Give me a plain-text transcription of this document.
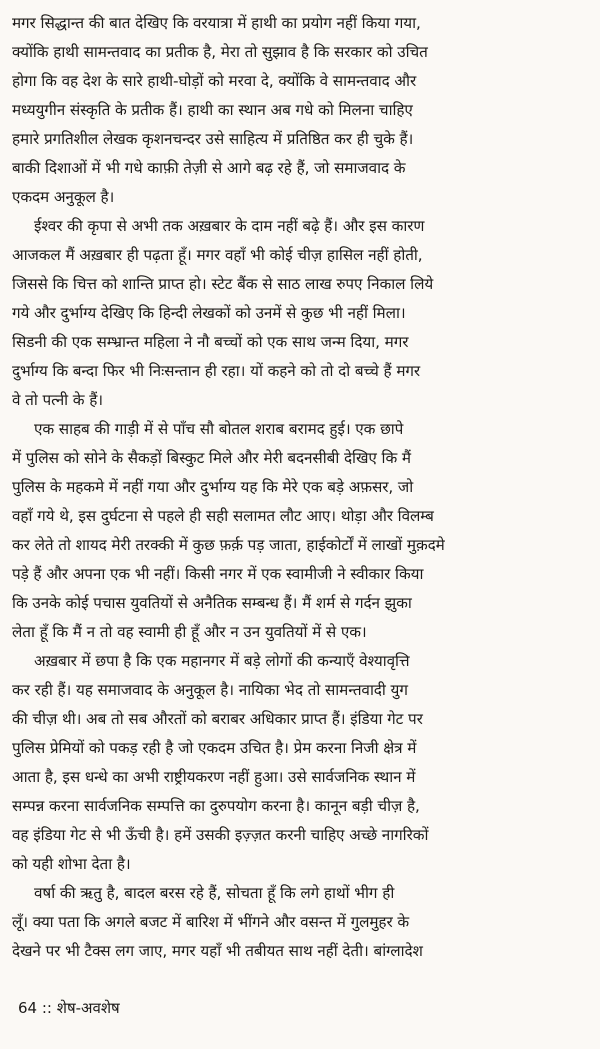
मगर सिद्धान्त की बात देखिए कि वरयात्रा में हाथी का प्रयोग नहीं किया गया,
क्योंकि हाथी सामन्तवाद का प्रतीक है, मेरा तो सुझाव है कि सरकार को उचित
होगा कि वह देश के सारे हाथी-घोड़ों को मरवा दे, क्योंकि वे सामन्तवाद और
मध्ययुगीन संस्कृति के प्रतीक हैं। हाथी का स्थान अब गधे को मिलना चाहिए
हमारे प्रगतिशील लेखक कृशनचन्दर उसे साहित्य में प्रतिष्ठित कर ही चुके हैं।
बाकी दिशाओं में भी गधे काफ़ी तेज़ी से आगे बढ़ रहे हैं, जो समाजवाद के
एकदम अनुकूल है।
ईश्वर की कृपा से अभी तक अख़बार के दाम नहीं बढ़े हैं। और इस कारण
आजकल मैं अख़बार ही पढ़ता हूँ। मगर वहाँ भी कोई चीज़ हासिल नहीं होती,
जिससे कि चित्त को शान्ति प्राप्त हो। स्टेट बैंक से साठ लाख रुपए निकाल लिये
गये और दुर्भाग्य देखिए कि हिन्दी लेखकों को उनमें से कुछ भी नहीं मिला।
सिडनी की एक सम्भ्रान्त महिला ने नौ बच्चों को एक साथ जन्म दिया, मगर
दुर्भाग्य कि बन्दा फिर भी निःसन्तान ही रहा। यों कहने को तो दो बच्चे हैं मगर
वे तो पत्नी के हैं।
एक साहब की गाड़ी में से पाँच सौ बोतल शराब बरामद हुई। एक छापे
में पुलिस को सोने के सैकड़ों बिस्कुट मिले और मेरी बदनसीबी देखिए कि मैं
पुलिस के महकमे में नहीं गया और दुर्भाग्य यह कि मेरे एक बड़े अफ़सर, जो
वहाँ गये थे, इस दुर्घटना से पहले ही सही सलामत लौट आए। थोड़ा और विलम्ब
कर लेते तो शायद मेरी तरक्की में कुछ फ़र्क़ पड़ जाता, हाईकोर्टों में लाखों मुक़दमे
पड़े हैं और अपना एक भी नहीं। किसी नगर में एक स्वामीजी ने स्वीकार किया
कि उनके कोई पचास युवतियों से अनैतिक सम्बन्ध हैं। मैं शर्म से गर्दन झुका
लेता हूँ कि मैं न तो वह स्वामी ही हूँ और न उन युवतियों में से एक।
अख़बार में छपा है कि एक महानगर में बड़े लोगों की कन्याएँ वेश्यावृत्ति
कर रही हैं। यह समाजवाद के अनुकूल है। नायिका भेद तो सामन्तवादी युग
की चीज़ थी। अब तो सब औरतों को बराबर अधिकार प्राप्त हैं। इंडिया गेट पर
पुलिस प्रेमियों को पकड़ रही है जो एकदम उचित है। प्रेम करना निजी क्षेत्र में
आता है, इस धन्धे का अभी राष्ट्रीयकरण नहीं हुआ। उसे सार्वजनिक स्थान में
सम्पन्न करना सार्वजनिक सम्पत्ति का दुरुपयोग करना है। कानून बड़ी चीज़ है,
वह इंडिया गेट से भी ऊँची है। हमें उसकी इज़्ज़त करनी चाहिए अच्छे नागरिकों
को यही शोभा देता है।
वर्षा की ऋतु है, बादल बरस रहे हैं, सोचता हूँ कि लगे हाथों भीग ही
लूँ। क्या पता कि अगले बजट में बारिश में भींगने और वसन्त में गुलमुहर के
देखने पर भी टैक्स लग जाए, मगर यहाँ भी तबीयत साथ नहीं देती। बांग्लादेश
64 :: शेष-अवशेष
